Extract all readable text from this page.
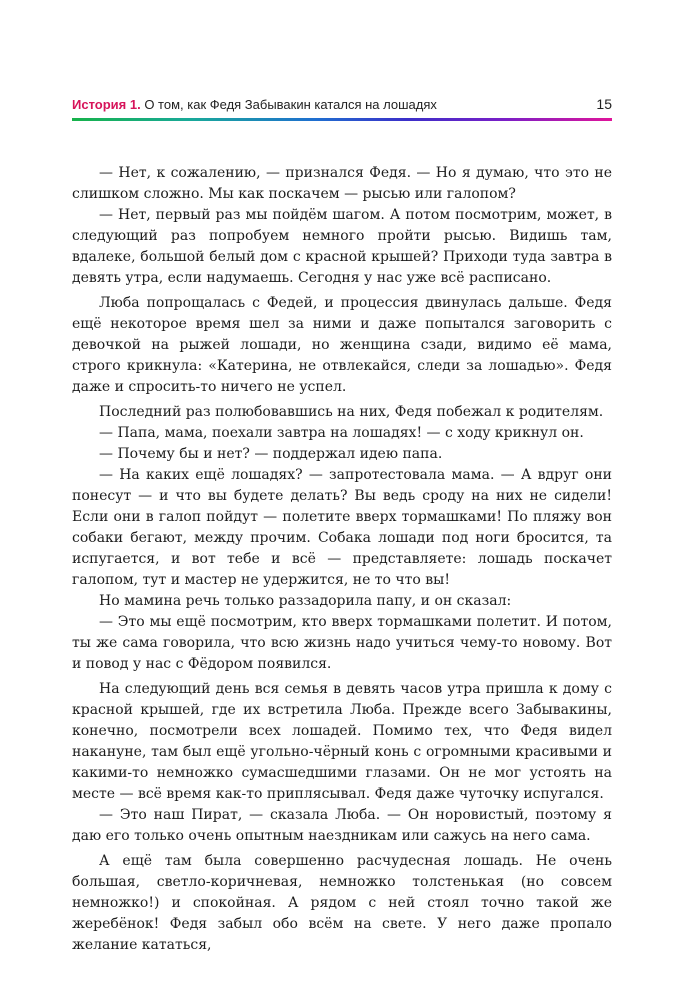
История 1. О том, как Федя Забывакин катался на лошадях	15

— Нет, к сожалению, — признался Федя. — Но я думаю, что это не слишком сложно. Мы как поскачем — рысью или галопом?

— Нет, первый раз мы пойдём шагом. А потом посмотрим, может, в следующий раз попробуем немного пройти рысью. Видишь там, вдалеке, большой белый дом с красной крышей? Приходи туда завтра в девять утра, если надумаешь. Сегодня у нас уже всё расписано.

Люба попрощалась с Федей, и процессия двинулась дальше. Федя ещё некоторое время шел за ними и даже попытался заговорить с девочкой на рыжей лошади, но женщина сзади, видимо её мама, строго крикнула: «Катерина, не отвлекайся, следи за лошадью». Федя даже и спросить-то ничего не успел.

Последний раз полюбовавшись на них, Федя побежал к родителям.

— Папа, мама, поехали завтра на лошадях! — с ходу крикнул он.

— Почему бы и нет? — поддержал идею папа.

— На каких ещё лошадях? — запротестовала мама. — А вдруг они понесут — и что вы будете делать? Вы ведь сроду на них не сидели! Если они в галоп пойдут — полетите вверх тормашками! По пляжу вон собаки бегают, между прочим. Собака лошади под ноги бросится, та испугается, и вот тебе и всё — представляете: лошадь поскачет галопом, тут и мастер не удержится, не то что вы!

Но мамина речь только раззадорила папу, и он сказал:

— Это мы ещё посмотрим, кто вверх тормашками полетит. И потом, ты же сама говорила, что всю жизнь надо учиться чему-то новому. Вот и повод у нас с Фёдором появился.

На следующий день вся семья в девять часов утра пришла к дому с красной крышей, где их встретила Люба. Прежде всего Забывакины, конечно, посмотрели всех лошадей. Помимо тех, что Федя видел накануне, там был ещё угольно-чёрный конь с огромными красивыми и какими-то немножко сумасшедшими глазами. Он не мог устоять на месте — всё время как-то приплясывал. Федя даже чуточку испугался.

— Это наш Пират, — сказала Люба. — Он норовистый, поэтому я даю его только очень опытным наездникам или сажусь на него сама.

А ещё там была совершенно расчудесная лошадь. Не очень большая, светло-коричневая, немножко толстенькая (но совсем немножко!) и спокойная. А рядом с ней стоял точно такой же жеребёнок! Федя забыл обо всём на свете. У него даже пропало желание кататься,
